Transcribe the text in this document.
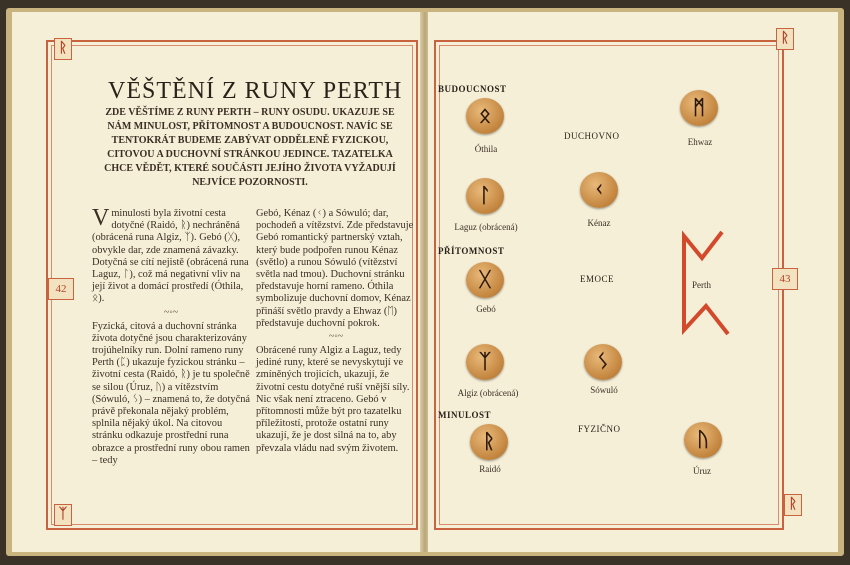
ᚱ
ᛉ
42
VĚŠTĚNÍ Z RUNY PERTH
ZDE VĚŠTÍME Z RUNY PERTH – RUNY OSUDU. UKAZUJE SE NÁM MINULOST, PŘÍTOMNOST A BUDOUCNOST. NAVÍC SE TENTOKRÁT BUDEME ZABÝVAT ODDĚLENĚ FYZICKOU, CITOVOU A DUCHOVNÍ STRÁNKOU JEDINCE. TAZATELKA CHCE VĚDĚT, KTERÉ SOUČÁSTI JEJÍHO ŽIVOTA VYŽADUJÍ NEJVÍCE POZORNOSTI.

Vminulosti byla životní cesta dotyčné (Raidó, ᚱ) nechráněná (obrácená runa Algiz, ᛉ). Gebó (ᚷ), obvykle dar, zde znamená závazky. Dotyčná se cítí nejistě (obrácená runa Laguz, ᛚ), což má negativní vliv na její život a domácí prostředí (Óthila, ᛟ).

~◦~

Fyzická, citová a duchovní stránka života dotyčné jsou charakterizovány trojúhelníky run. Dolní rameno runy Perth (ᛈ) ukazuje fyzickou stránku – životní cesta (Raidó, ᚱ) je tu společně se silou (Úruz, ᚢ) a vítězstvím (Sówuló, ᛊ) – znamená to, že dotyčná právě překonala nějaký problém, splnila nějaký úkol. Na citovou stránku odkazuje prostřední runa obrazce a prostřední runy obou ramen – tedy

Gebó, Kénaz (ᚲ) a Sówuló; dar, pochodeň a vítězství. Zde představuje Gebó romantický partnerský vztah, který bude podpořen runou Kénaz (světlo) a runou Sówuló (vítězství světla nad tmou). Duchovní stránku představuje horní rameno. Óthila symbolizuje duchovní domov, Kénaz přináší světlo pravdy a Ehwaz (ᛖ) představuje duchovní pokrok.

~◦~

Obrácené runy Algiz a Laguz, tedy jediné runy, které se nevyskytují ve zmíněných trojicích, ukazují, že životní cestu dotyčné ruší vnější síly. Nic však není ztraceno. Gebó v přítomnosti může být pro tazatelku příležitostí, protože ostatní runy ukazují, že je dost silná na to, aby převzala vládu nad svým životem.

ᚱ
ᚱ
43
BUDOUCNOST
PŘÍTOMNOST
MINULOST
DUCHOVNO
EMOCE
FYZIČNO
ᛟ
Óthila
ᛗ
Ehwaz
ᛚ
Laguz (obrácená)
ᚲ
Kénaz
ᚷ
Gebó
Perth
ᛉ
Algiz (obrácená)
ᛊ
Sówuló
ᚱ
Raidó
ᚢ
Úruz
